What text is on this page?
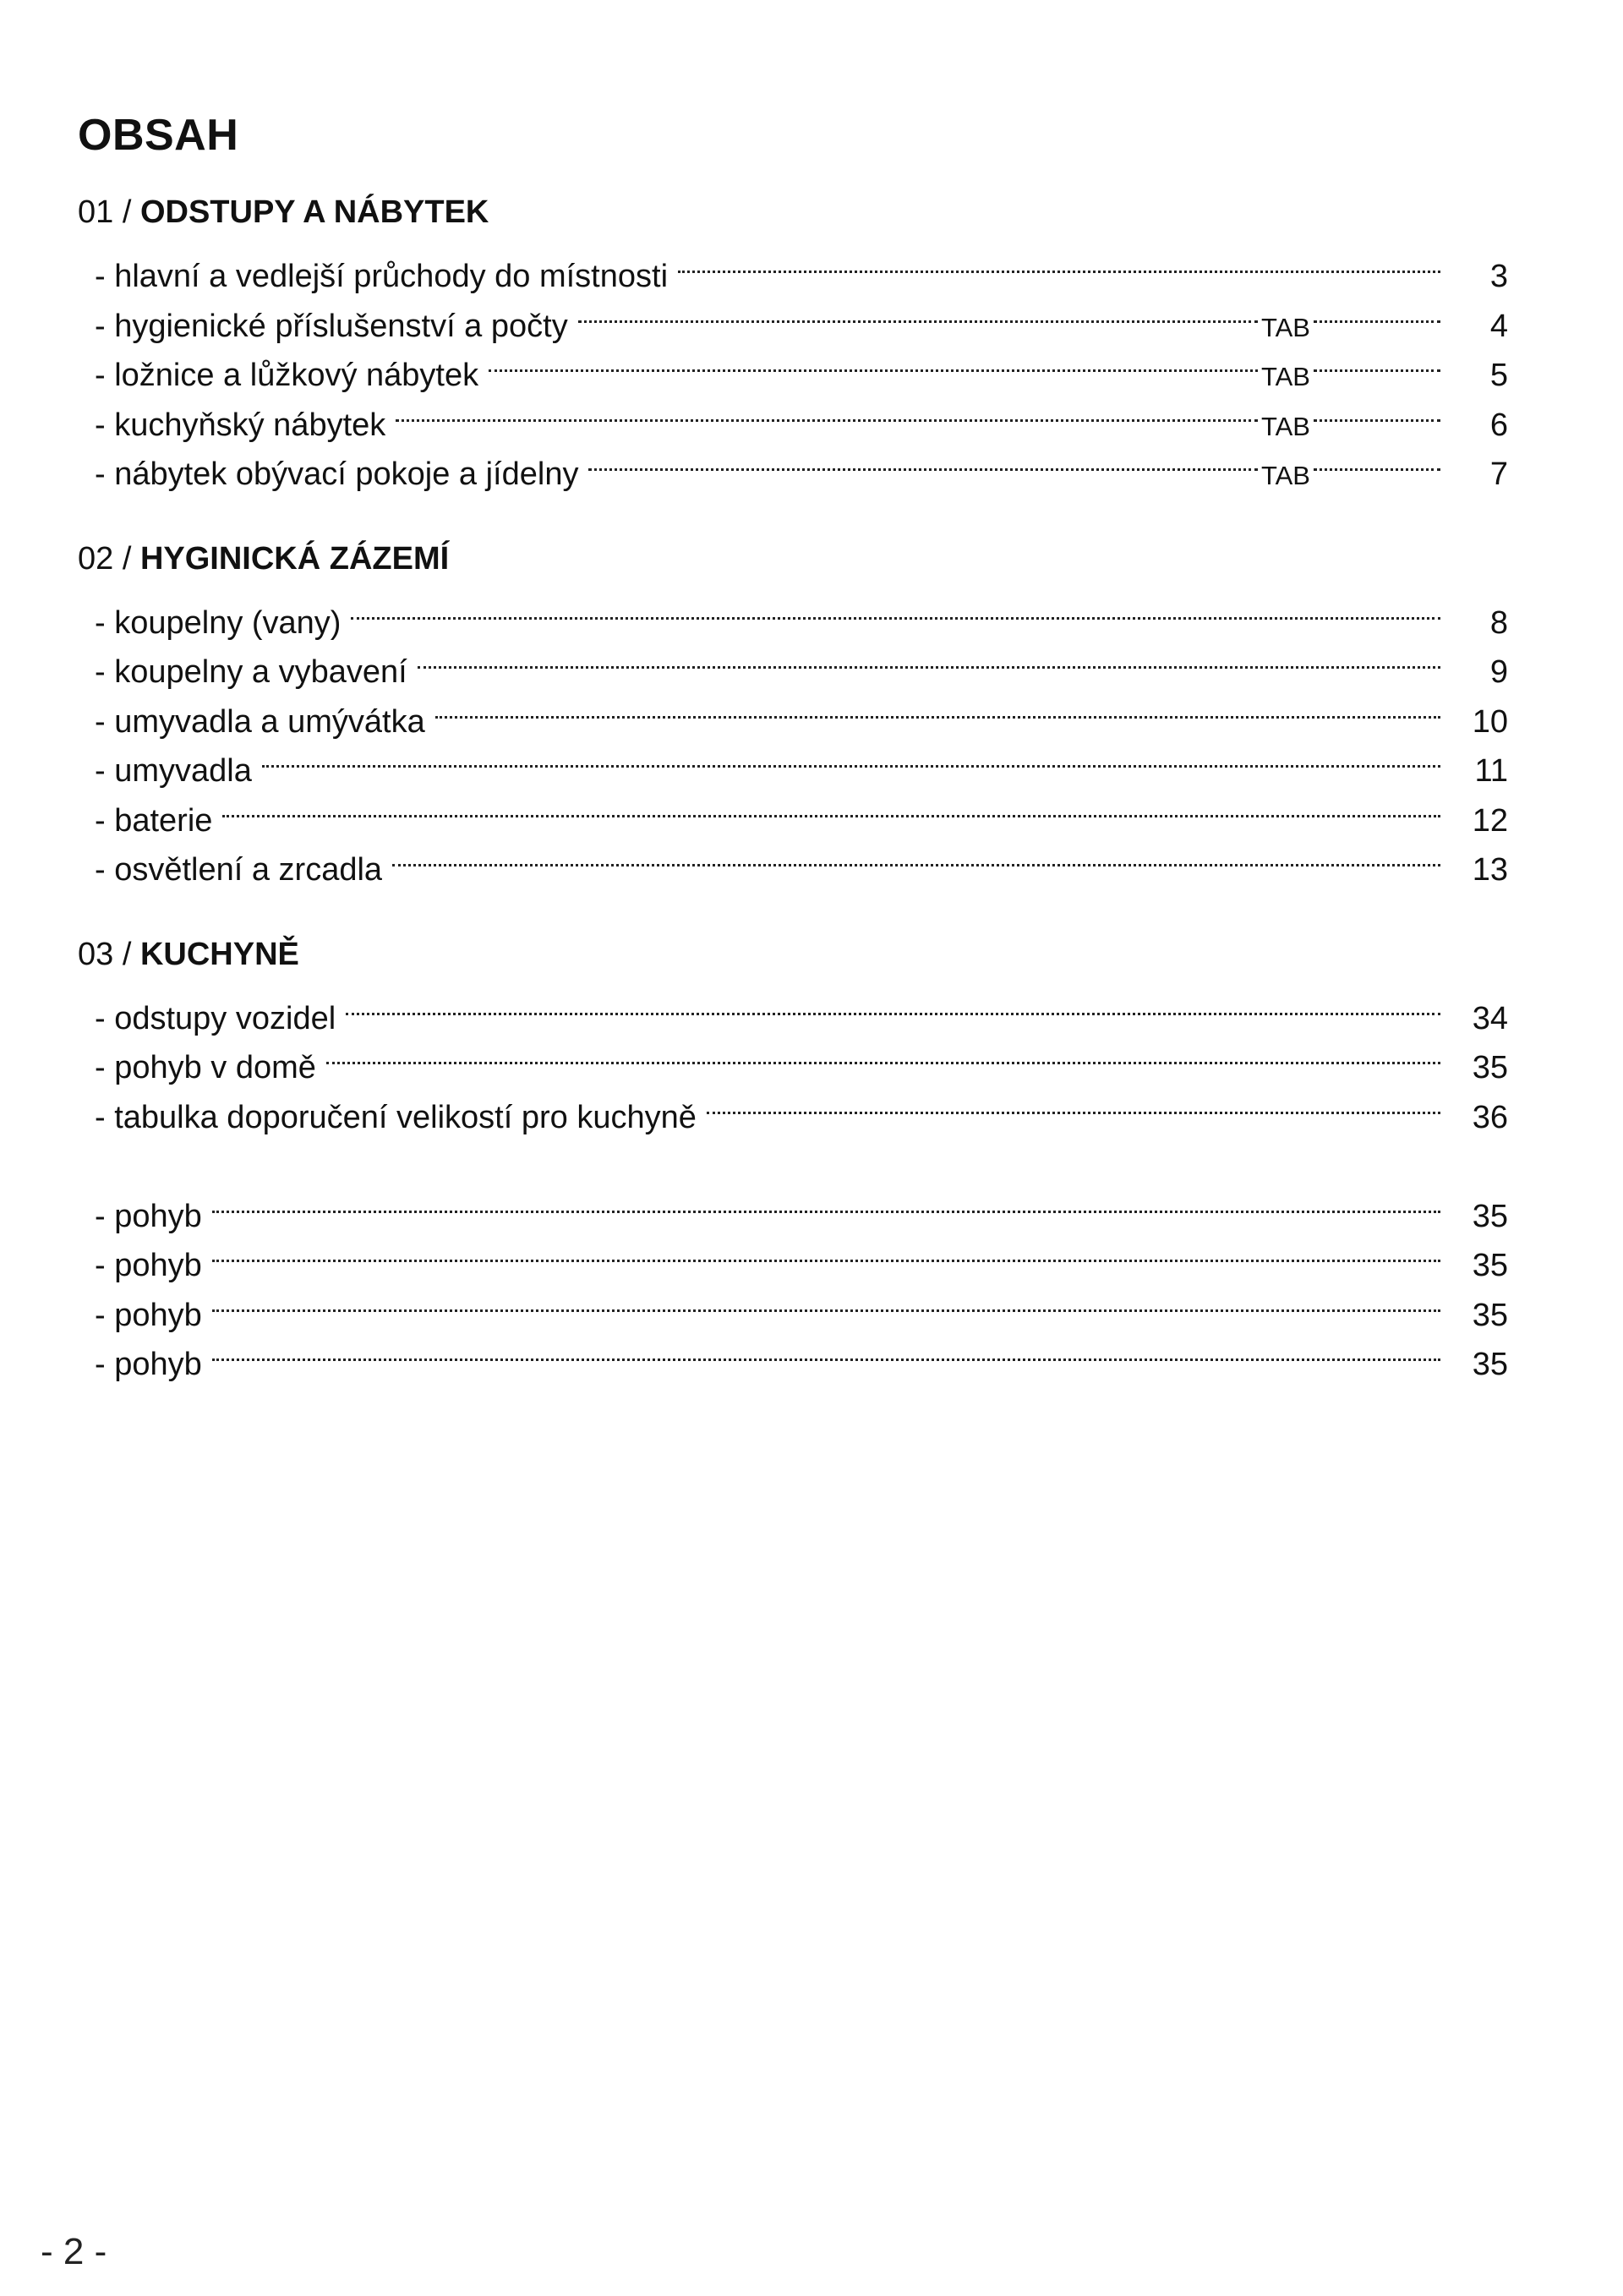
OBSAH
01 / ODSTUPY A NÁBYTEK
- hlavní a vedlejší průchody do místnosti	3
- hygienické příslušenství a počty	TAB	4
- ložnice a lůžkový nábytek	TAB	5
- kuchyňský nábytek	TAB	6
- nábytek obývací pokoje a jídelny	TAB	7
02 / HYGINICKÁ ZÁZEMÍ
- koupelny (vany)	8
- koupelny a vybavení	9
- umyvadla a umývátka	10
- umyvadla	11
- baterie	12
- osvětlení a zrcadla	13
03 / KUCHYNĚ
- odstupy vozidel	34
- pohyb v domě	35
- tabulka doporučení velikostí pro kuchyně	36
- pohyb	35
- pohyb	35
- pohyb	35
- pohyb	35
- 2 -
